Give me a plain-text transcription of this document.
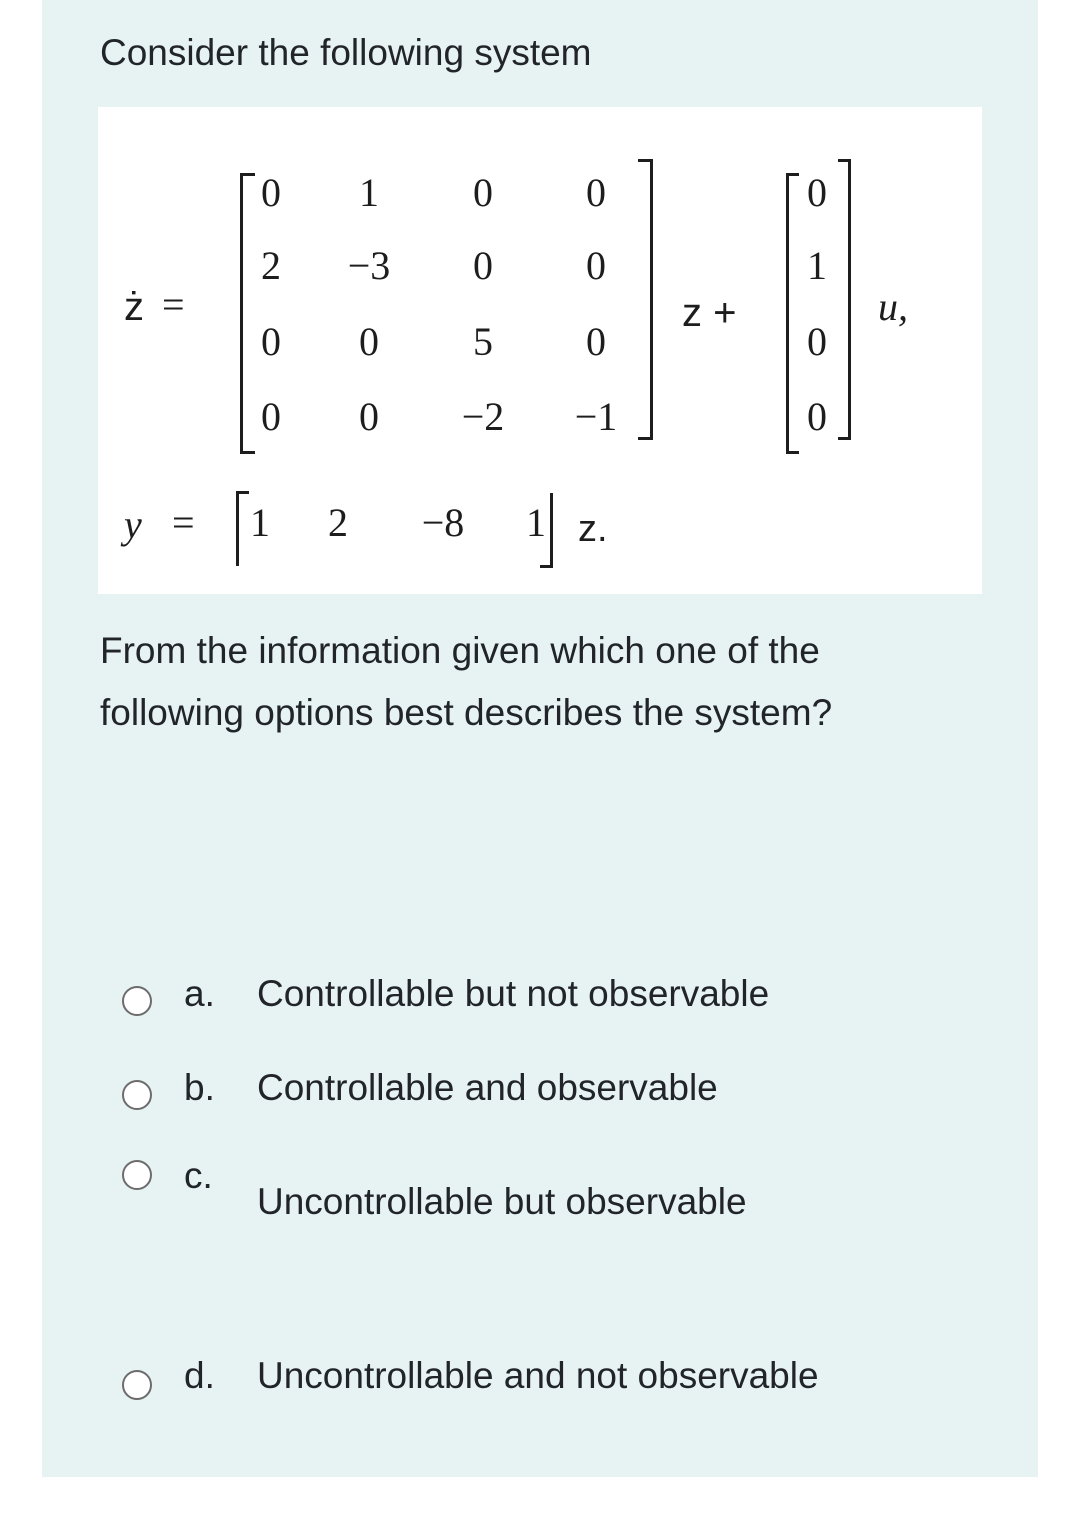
Consider the following system
ż =
0	1	0	0
2	−3	0	0
0	0	5	0
0	0	−2	−1
z +
0
1
0
0
u,
y =	1	2	−8	1 z.
From the information given which one of the following options best describes the system?
a. Controllable but not observable
b. Controllable and observable
c.
Uncontrollable but observable
d. Uncontrollable and not observable
